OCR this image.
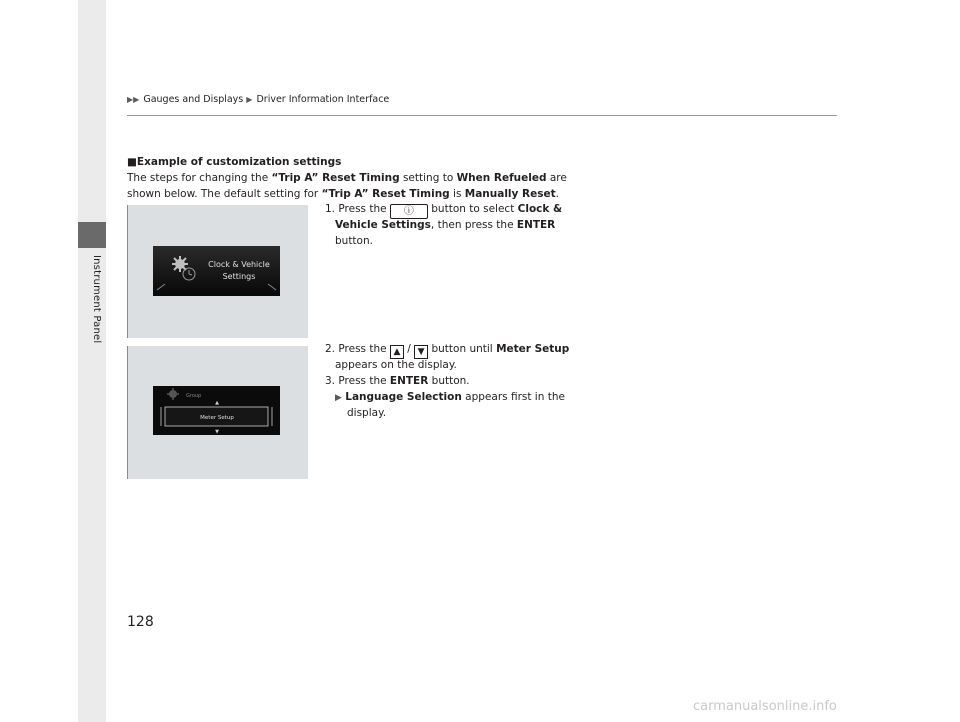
Instrument Panel
▶▶ Gauges and Displays ▶ Driver Information Interface
■Example of customization settings
The steps for changing the “Trip A” Reset Timing setting to When Refueled are
shown below. The default setting for “Trip A” Reset Timing is Manually Reset.
Clock & Vehicle
Settings
1. Press the ⓘ button to select Clock &
Vehicle Settings, then press the ENTER
button.
Group
▲
Meter Setup
▼
2. Press the ▲ / ▼ button until Meter Setup
appears on the display.
3. Press the ENTER button.
▶ Language Selection appears first in the
display.
128
carmanualsonline.info
